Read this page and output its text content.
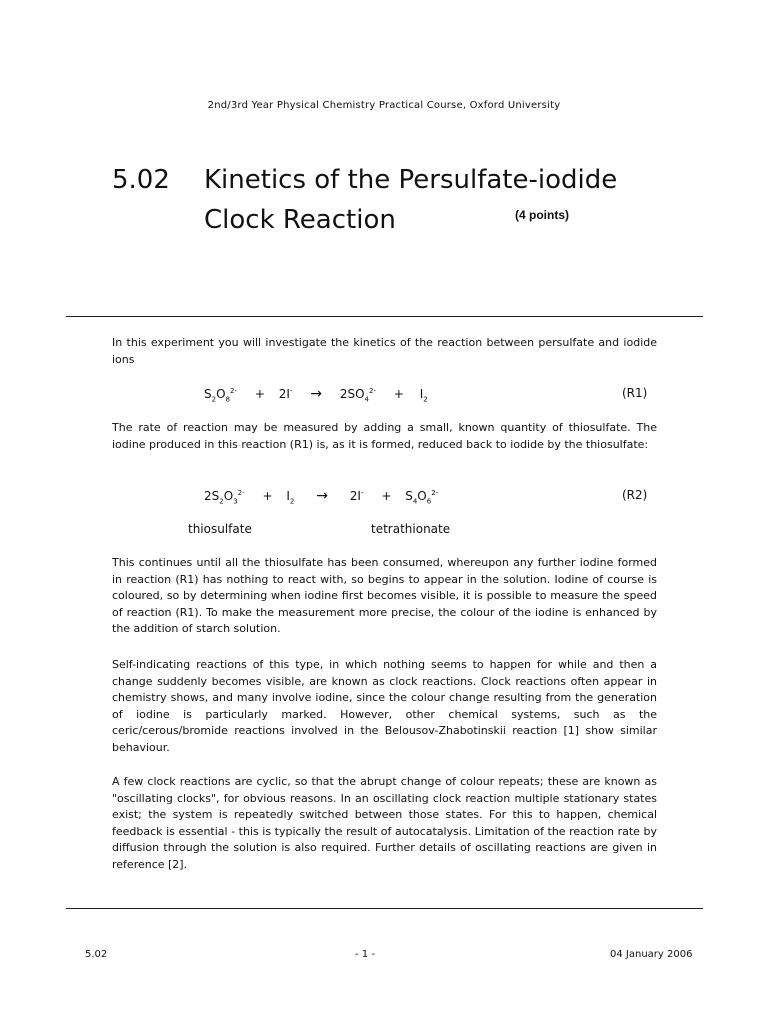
2nd/3rd Year Physical Chemistry Practical Course, Oxford University
5.02	Kinetics of the Persulfate-iodide
Clock Reaction	(4 points)

In this experiment you will investigate the kinetics of the reaction between persulfate and iodide ions

$S_2O_8^{2-} + 2I^- \to 2SO_4^{2-} + I_2$	(R1)

The rate of reaction may be measured by adding a small, known quantity of thiosulfate. The iodine produced in this reaction (R1) is, as it is formed, reduced back to iodide by the thiosulfate:

$2S_2O_3^{2-} + I_2 \to 2I^- + S_4O_6^{2-}$	(R2)
thiosulfate	tetrathionate

This continues until all the thiosulfate has been consumed, whereupon any further iodine formed in reaction (R1) has nothing to react with, so begins to appear in the solution. Iodine of course is coloured, so by determining when iodine first becomes visible, it is possible to measure the speed of reaction (R1). To make the measurement more precise, the colour of the iodine is enhanced by the addition of starch solution.

Self-indicating reactions of this type, in which nothing seems to happen for while and then a change suddenly becomes visible, are known as clock reactions. Clock reactions often appear in chemistry shows, and many involve iodine, since the colour change resulting from the generation of iodine is particularly marked. However, other chemical systems, such as the ceric/cerous/bromide reactions involved in the Belousov-Zhabotinskii reaction [1] show similar behaviour.

A few clock reactions are cyclic, so that the abrupt change of colour repeats; these are known as "oscillating clocks", for obvious reasons. In an oscillating clock reaction multiple stationary states exist; the system is repeatedly switched between those states. For this to happen, chemical feedback is essential - this is typically the result of autocatalysis. Limitation of the reaction rate by diffusion through the solution is also required. Further details of oscillating reactions are given in reference [2].

5.02	- 1 -	04 January 2006
